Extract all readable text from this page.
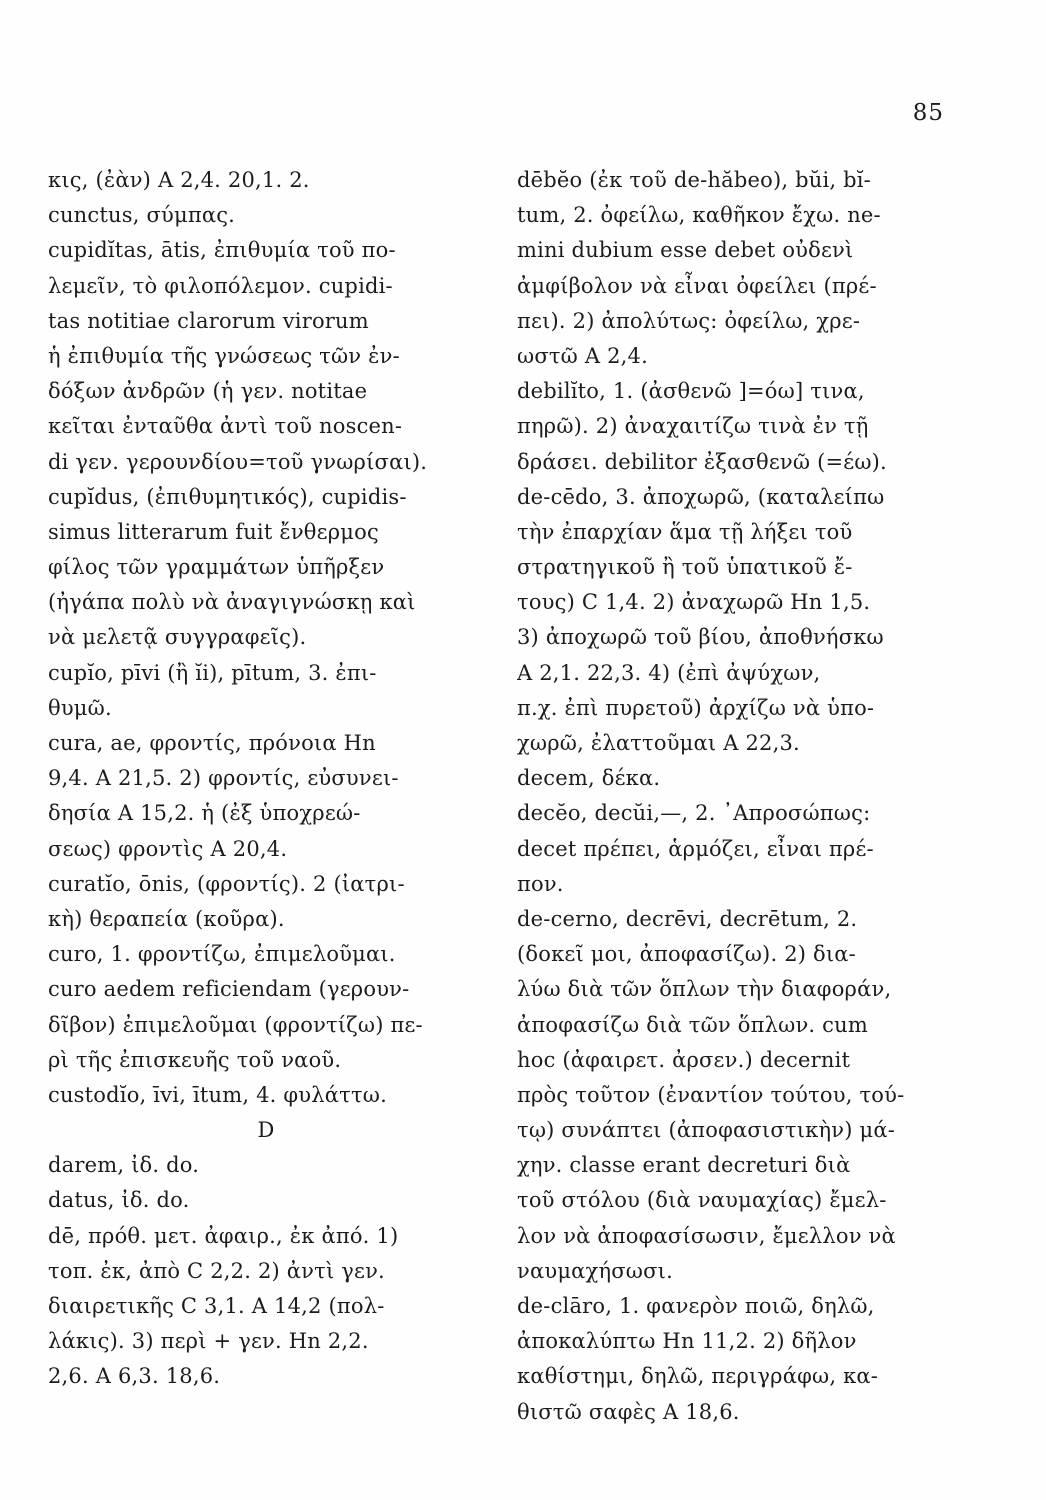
85
κις, (ἐὰν) A 2,4. 20,1. 2.
cunctus, σύμπας.
cupidĭtas, ātis, ἐπιθυμία τοῦ πο-
λεμεῖν, τὸ φιλοπόλεμον. cupidi-
tas notitiae clarorum virorum
ἡ ἐπιθυμία τῆς γνώσεως τῶν ἐν-
δόξων ἀνδρῶν (ἡ γεν. notitae
κεῖται ἐνταῦθα ἀντὶ τοῦ noscen-
di γεν. γερουνδίου=τοῦ γνωρίσαι).
cupĭdus, (ἐπιθυμητικός), cupidis-
simus litterarum fuit ἔνθερμος
φίλος τῶν γραμμάτων ὑπῆρξεν
(ἠγάπα πολὺ νὰ ἀναγιγνώσκῃ καὶ
νὰ μελετᾷ συγγραφεῖς).
cupĭo, pīvi (ἢ ĭi), pītum, 3. ἐπι-
θυμῶ.
cura, ae, φροντίς, πρόνοια Hn
9,4. A 21,5. 2) φροντίς, εὐσυνει-
δησία A 15,2. ἡ (ἐξ ὑποχρεώ-
σεως) φροντὶς A 20,4.
curatĭo, ōnis, (φροντίς). 2 (ἰατρι-
κὴ) θεραπεία (κοῦρα).
curo, 1. φροντίζω, ἐπιμελοῦμαι.
curo aedem reficiendam (γερουν-
δῖβον) ἐπιμελοῦμαι (φροντίζω) πε-
ρὶ τῆς ἐπισκευῆς τοῦ ναοῦ.
custodĭo, īvi, ītum, 4. φυλάττω.
D
darem, ἰδ. do.
datus, ἰδ. do.
dē, πρόθ. μετ. ἀφαιρ., ἐκ ἀπό. 1)
τοπ. ἐκ, ἀπὸ C 2,2. 2) ἀντὶ γεν.
διαιρετικῆς C 3,1. A 14,2 (πολ-
λάκις). 3) περὶ + γεν. Hn 2,2.
2,6. A 6,3. 18,6.
dēbĕo (ἐκ τοῦ de-hăbeo), bŭi, bĭ-
tum, 2. ὀφείλω, καθῆκον ἔχω. ne-
mini dubium esse debet οὐδενὶ
ἀμφίβολον νὰ εἶναι ὀφείλει (πρέ-
πει). 2) ἀπολύτως: ὀφείλω, χρε-
ωστῶ A 2,4.
debilĭto, 1. (ἀσθενῶ ]=όω] τινα,
πηρῶ). 2) ἀναχαιτίζω τινὰ ἐν τῇ
δράσει. debilitor ἐξασθενῶ (=έω).
de-cēdo, 3. ἀποχωρῶ, (καταλείπω
τὴν ἐπαρχίαν ἅμα τῇ λήξει τοῦ
στρατηγικοῦ ἢ τοῦ ὑπατικοῦ ἔ-
τους) C 1,4. 2) ἀναχωρῶ Hn 1,5.
3) ἀποχωρῶ τοῦ βίου, ἀποθνήσκω
A 2,1. 22,3. 4) (ἐπὶ ἀψύχων,
π.χ. ἐπὶ πυρετοῦ) ἀρχίζω νὰ ὑπο-
χωρῶ, ἐλαττοῦμαι A 22,3.
decem, δέκα.
decĕo, decŭi,—, 2. ᾿Απροσώπως:
decet πρέπει, ἁρμόζει, εἶναι πρέ-
πον.
de-cerno, decrēvi, decrētum, 2.
(δοκεῖ μοι, ἀποφασίζω). 2) δια-
λύω διὰ τῶν ὅπλων τὴν διαφοράν,
ἀποφασίζω διὰ τῶν ὅπλων. cum
hoc (ἀφαιρετ. ἀρσεν.) decernit
πρὸς τοῦτον (ἐναντίον τούτου, τού-
τῳ) συνάπτει (ἀποφασιστικὴν) μά-
χην. classe erant decreturi διὰ
τοῦ στόλου (διὰ ναυμαχίας) ἔμελ-
λον νὰ ἀποφασίσωσιν, ἔμελλον νὰ
ναυμαχήσωσι.
de-clāro, 1. φανερὸν ποιῶ, δηλῶ,
ἀποκαλύπτω Hn 11,2. 2) δῆλον
καθίστημι, δηλῶ, περιγράφω, κα-
θιστῶ σαφὲς A 18,6.
